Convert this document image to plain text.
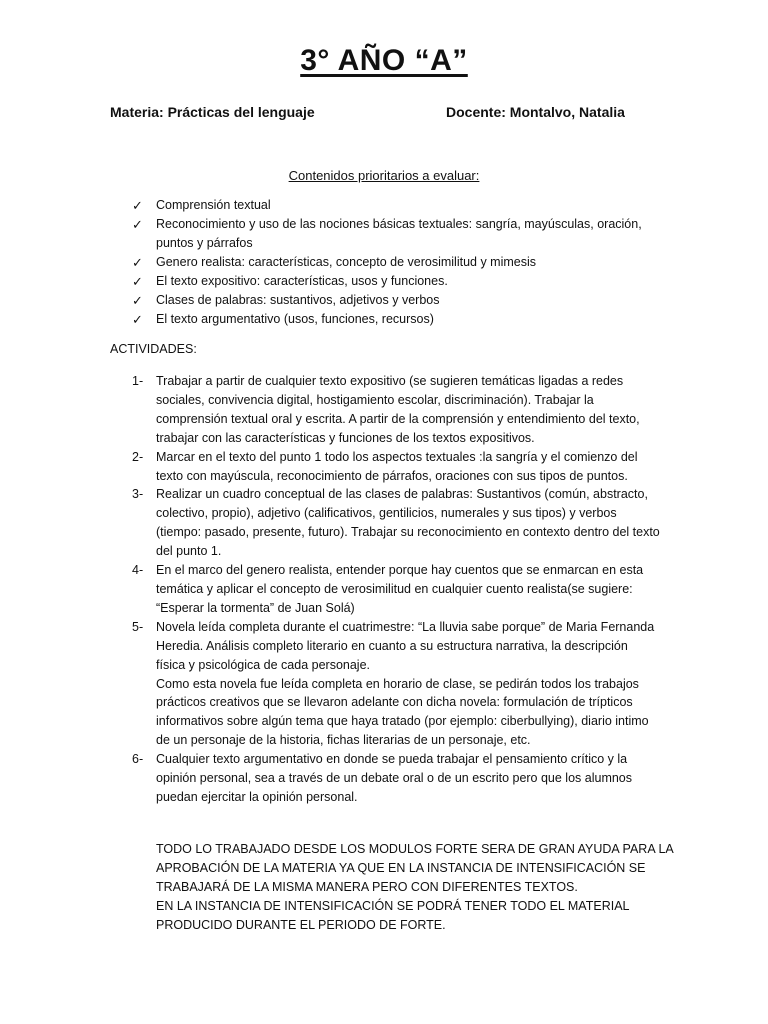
3° AÑO “A”
Materia: Prácticas del lenguaje	Docente: Montalvo, Natalia
Contenidos prioritarios a evaluar:
✓ Comprensión textual
✓ Reconocimiento y uso de las nociones básicas textuales: sangría, mayúsculas, oración, puntos y párrafos
✓ Genero realista: características, concepto de verosimilitud y mimesis
✓ El texto expositivo: características, usos y funciones.
✓ Clases de palabras: sustantivos, adjetivos y verbos
✓ El texto argumentativo (usos, funciones, recursos)
ACTIVIDADES:
1- Trabajar a partir de cualquier texto expositivo (se sugieren temáticas ligadas a redes sociales, convivencia digital, hostigamiento escolar, discriminación). Trabajar la comprensión textual oral y escrita. A partir de la comprensión y entendimiento del texto, trabajar con las características y funciones de los textos expositivos.
2- Marcar en el texto del punto 1 todo los aspectos textuales :la sangría y el comienzo del texto con mayúscula, reconocimiento de párrafos, oraciones con sus tipos de puntos.
3- Realizar un cuadro conceptual de las clases de palabras: Sustantivos (común, abstracto, colectivo, propio), adjetivo (calificativos, gentilicios, numerales y sus tipos) y verbos (tiempo: pasado, presente, futuro). Trabajar su reconocimiento en contexto dentro del texto del punto 1.
4- En el marco del genero realista, entender porque hay cuentos que se enmarcan en esta temática y aplicar el concepto de verosimilitud en cualquier cuento realista(se sugiere: “Esperar la tormenta” de Juan Solá)
5- Novela leída completa durante el cuatrimestre: “La lluvia sabe porque” de Maria Fernanda Heredia. Análisis completo literario en cuanto a su estructura narrativa, la descripción física y psicológica de cada personaje.
Como esta novela fue leída completa en horario de clase, se pedirán todos los trabajos prácticos creativos que se llevaron adelante con dicha novela: formulación de trípticos informativos sobre algún tema que haya tratado (por ejemplo: ciberbullying), diario intimo de un personaje de la historia, fichas literarias de un personaje, etc.
6- Cualquier texto argumentativo en donde se pueda trabajar el pensamiento crítico y la opinión personal, sea a través de un debate oral o de un escrito pero que los alumnos puedan ejercitar la opinión personal.
TODO LO TRABAJADO DESDE LOS MODULOS FORTE SERA DE GRAN AYUDA PARA LA APROBACIÓN DE LA MATERIA YA QUE EN LA INSTANCIA DE INTENSIFICACIÓN SE TRABAJARÁ DE LA MISMA MANERA PERO CON DIFERENTES TEXTOS.
EN LA INSTANCIA DE INTENSIFICACIÓN SE PODRÁ TENER TODO EL MATERIAL PRODUCIDO DURANTE EL PERIODO DE FORTE.
